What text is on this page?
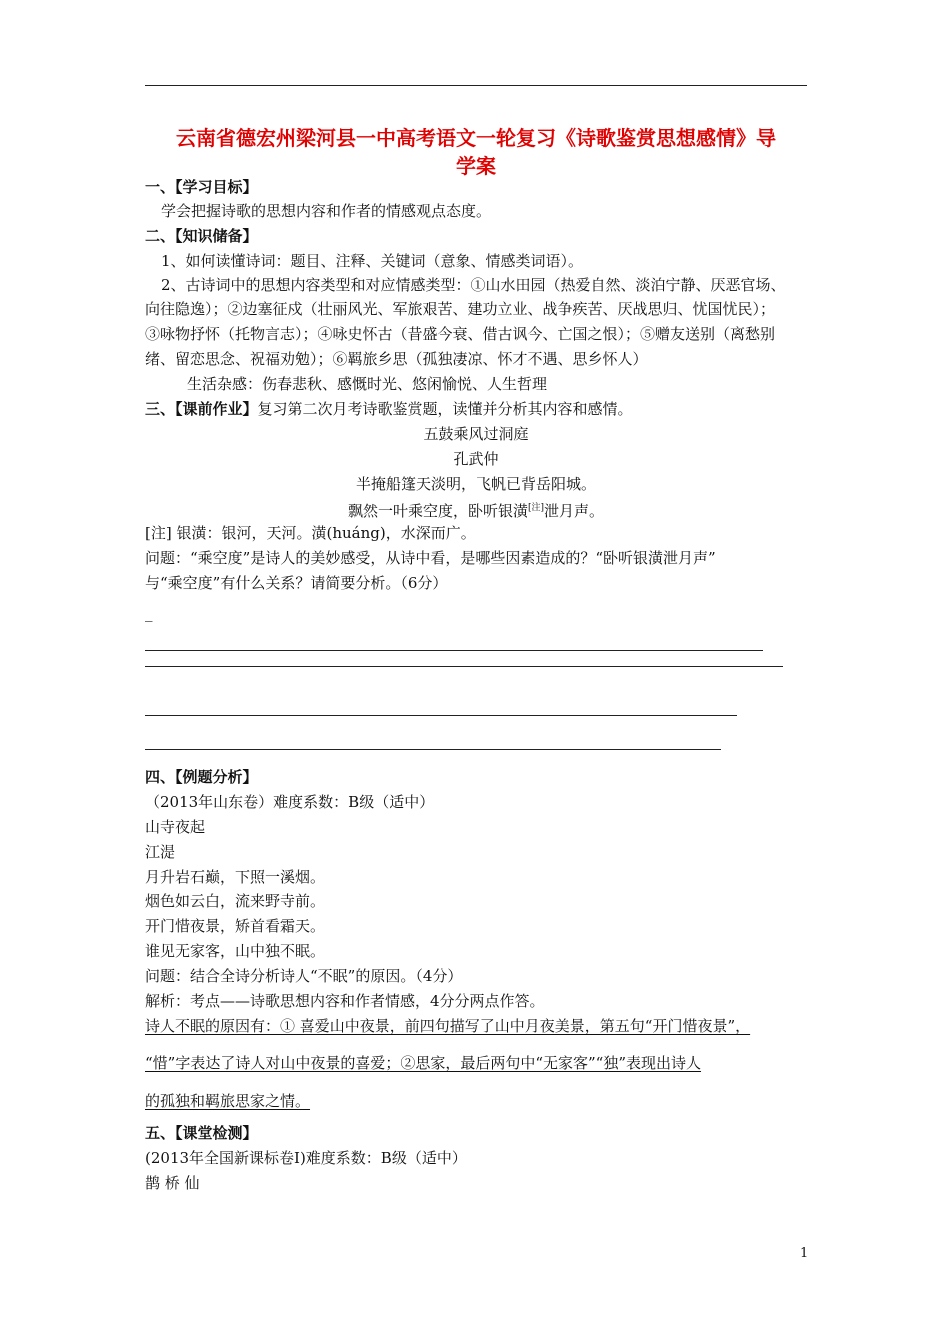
云南省德宏州梁河县一中高考语文一轮复习《诗歌鉴赏思想感情》导
学案
一、【学习目标】
学会把握诗歌的思想内容和作者的情感观点态度。
二、【知识储备】
1、如何读懂诗词：题目、注释、关键词（意象、情感类词语）。
2、古诗词中的思想内容类型和对应情感类型：①山水田园（热爱自然、淡泊宁静、厌恶官场、
向往隐逸）；②边塞征戍（壮丽风光、军旅艰苦、建功立业、战争疾苦、厌战思归、忧国忧民）；
③咏物抒怀（托物言志）；④咏史怀古（昔盛今衰、借古讽今、亡国之恨）；⑤赠友送别（离愁别
绪、留恋思念、祝福劝勉）；⑥羁旅乡思（孤独凄凉、怀才不遇、思乡怀人）
生活杂感：伤春悲秋、感慨时光、悠闲愉悦、人生哲理
三、【课前作业】复习第二次月考诗歌鉴赏题，读懂并分析其内容和感情。
五鼓乘风过洞庭
孔武仲
半掩船篷天淡明，飞帆已背岳阳城。
飘然一叶乘空度，卧听银潢[注]泄月声。
[注] 银潢：银河，天河。潢(huáng)，水深而广。
问题：“乘空度”是诗人的美妙感受，从诗中看，是哪些因素造成的？“卧听银潢泄月声”
与“乘空度”有什么关系？请简要分析。（6分）
_
四、【例题分析】
（2013年山东卷）难度系数：B级（适中）
山寺夜起
江湜
月升岩石巅，下照一溪烟。
烟色如云白，流来野寺前。
开门惜夜景，矫首看霜天。
谁见无家客，山中独不眠。
问题：结合全诗分析诗人“不眠”的原因。（4分）
解析：考点——诗歌思想内容和作者情感，4分分两点作答。
诗人不眠的原因有：① 喜爱山中夜景，前四句描写了山中月夜美景，第五句“开门惜夜景”，
“惜”字表达了诗人对山中夜景的喜爱；②思家，最后两句中“无家客”“独”表现出诗人
的孤独和羁旅思家之情。
五、【课堂检测】
(2013年全国新课标卷Ⅰ)难度系数：B级（适中）
鹊 桥 仙
1
